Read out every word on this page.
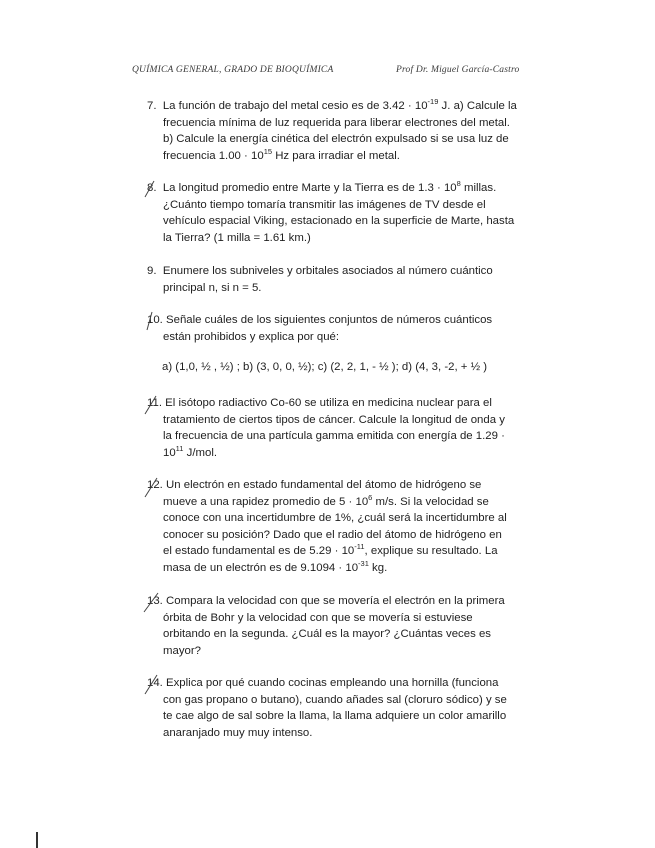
QUÍMICA GENERAL, GRADO DE BIOQUÍMICA	Prof Dr. Miguel García-Castro
7. La función de trabajo del metal cesio es de $3.42 \cdot 10^{-19}$ J. a) Calcule la
frecuencia mínima de luz requerida para liberar electrones del metal.
b) Calcule la energía cinética del electrón expulsado si se usa luz de
frecuencia $1.00 \cdot 10^{15}$ Hz para irradiar el metal.
8. La longitud promedio entre Marte y la Tierra es de $1.3 \cdot 10^8$ millas.
¿Cuánto tiempo tomaría transmitir las imágenes de TV desde el
vehículo espacial Viking, estacionado en la superficie de Marte, hasta
la Tierra? (1 milla = 1.61 km.)
9. Enumere los subniveles y orbitales asociados al número cuántico
principal n, si n = 5.
10. Señale cuáles de los siguientes conjuntos de números cuánticos
están prohibidos y explica por qué:
a) (1,0, ½ , ½) ; b) (3, 0, 0, ½); c) (2, 2, 1, - ½ ); d) (4, 3, -2, + ½ )
11. El isótopo radiactivo Co-60 se utiliza en medicina nuclear para el
tratamiento de ciertos tipos de cáncer. Calcule la longitud de onda y
la frecuencia de una partícula gamma emitida con energía de 1.29 ·
$10^{11}$ J/mol.
12. Un electrón en estado fundamental del átomo de hidrógeno se
mueve a una rapidez promedio de $5 \cdot 10^6$ m/s. Si la velocidad se
conoce con una incertidumbre de 1%, ¿cuál será la incertidumbre al
conocer su posición? Dado que el radio del átomo de hidrógeno en
el estado fundamental es de $5.29 \cdot 10^{-11}$, explique su resultado. La
masa de un electrón es de $9.1094 \cdot 10^{-31}$ kg.
13. Compara la velocidad con que se movería el electrón en la primera
órbita de Bohr y la velocidad con que se movería si estuviese
orbitando en la segunda. ¿Cuál es la mayor? ¿Cuántas veces es
mayor?
14. Explica por qué cuando cocinas empleando una hornilla (funciona
con gas propano o butano), cuando añades sal (cloruro sódico) y se
te cae algo de sal sobre la llama, la llama adquiere un color amarillo
anaranjado muy muy intenso.
